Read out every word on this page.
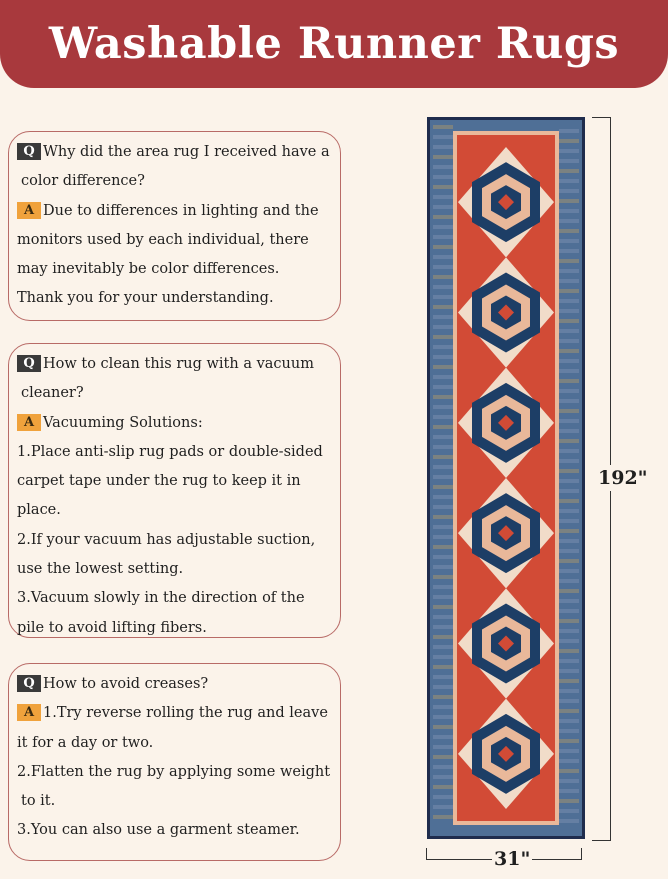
Washable Runner Rugs

Q Why did the area rug I received have a

color difference?

A Due to differences in lighting and the

monitors used by each individual, there

may inevitably be color differences.

Thank you for your understanding.

Q How to clean this rug with a vacuum

cleaner?

A Vacuuming Solutions:

1.Place anti-slip rug pads or double-sided

carpet tape under the rug to keep it in

place.

2.If your vacuum has adjustable suction,

use the lowest setting.

3.Vacuum slowly in the direction of the

pile to avoid lifting fibers.

Q How to avoid creases?

A 1.Try reverse rolling the rug and leave

it for a day or two.

2.Flatten the rug by applying some weight

to it.

3.You can also use a garment steamer.

192"
31"
